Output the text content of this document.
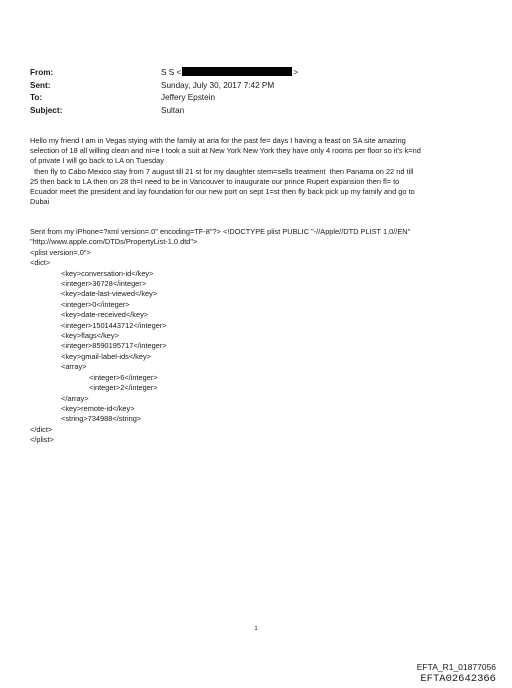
From:	S S <	>
Sent:	Sunday, July 30, 2017 7:42 PM
To:	Jeffery Epstein
Subject:	Sultan

Hello my friend I am in Vegas stying with the family at aria for the past fe= days I having a feast on SA site amazing

selection of 18 all willing clean and ni=e I took a suit at New York New York they have only 4 rooms per floor so it's k=nd

of private I will go back to LA on Tuesday

then fly to Cabo Mexico stay from 7 august till 21 st for my daughter stem=sells treatment  then Panama on 22 nd till

25 then back to LA then on 28 th=I need to be in Vancouver to inaugurate our prince Rupert expansion then fl= to

Ecuador meet the president and lay foundation for our new port on sept 1=st then fly back pick up my family and go to

Dubai

Sent from my iPhone=?xml version=.0" encoding=TF-8"?> <!DOCTYPE plist PUBLIC "-//Apple//DTD PLIST 1.0//EN"
"http://www.apple.com/DTDs/PropertyList-1.0.dtd">
<plist version=.0">
<dict>
<key>conversation-id</key>
<integer>36728</integer>
<key>date-last-viewed</key>
<integer>0</integer>
<key>date-received</key>
<integer>1501443712</integer>
<key>flags</key>
<integer>8590195717</integer>
<key>gmail-label-ids</key>
<array>
<integer>6</integer>
<integer>2</integer>
</array>
<key>remote-id</key>
<string>734988</string>
</dict>
</plist>
1
EFTA_R1_01877056
EFTA02642366
